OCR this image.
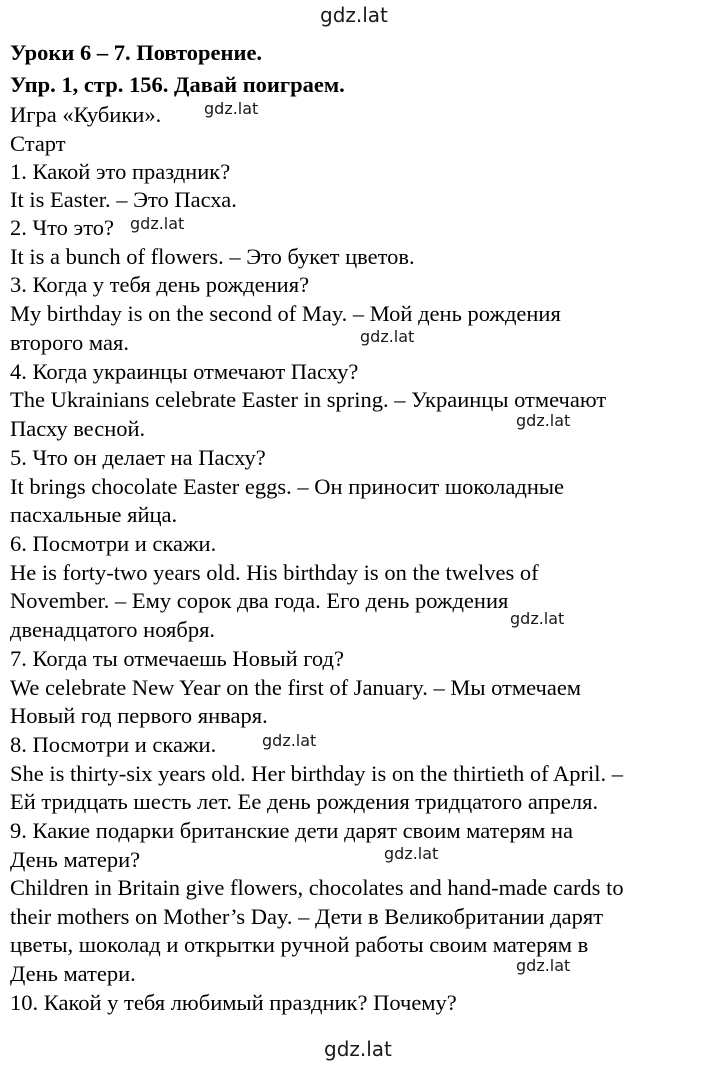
gdz.lat
Уроки 6 – 7. Повторение.
Упр. 1, стр. 156. Давай поиграем.
Игра «Кубики».	gdz.lat
Старт
1. Какой это праздник?
It is Easter. – Это Пасха.
2. Что это? gdz.lat
It is a bunch of flowers. – Это букет цветов.
3. Когда у тебя день рождения?
My birthday is on the second of May. – Мой день рождения
второго мая.	gdz.lat
4. Когда украинцы отмечают Пасху?
The Ukrainians celebrate Easter in spring. – Украинцы отмечают
Пасху весной.	gdz.lat
5. Что он делает на Пасху?
It brings chocolate Easter eggs. – Он приносит шоколадные
пасхальные яйца.
6. Посмотри и скажи.
He is forty-two years old. His birthday is on the twelves of
November. – Ему сорок два года. Его день рождения
gdz.lat
двенадцатого ноября.
7. Когда ты отмечаешь Новый год?
We celebrate New Year on the first of January. – Мы отмечаем
Новый год первого января.
8. Посмотри и скажи.	gdz.lat
She is thirty-six years old. Her birthday is on the thirtieth of April. –
Ей тридцать шесть лет. Ее день рождения тридцатого апреля.
9. Какие подарки британские дети дарят своим матерям на
День матери?	gdz.lat
Children in Britain give flowers, chocolates and hand-made cards to
their mothers on Mother’s Day. – Дети в Великобритании дарят
цветы, шоколад и открытки ручной работы своим матерям в
День матери.	gdz.lat
10. Какой у тебя любимый праздник? Почему?
gdz.lat
